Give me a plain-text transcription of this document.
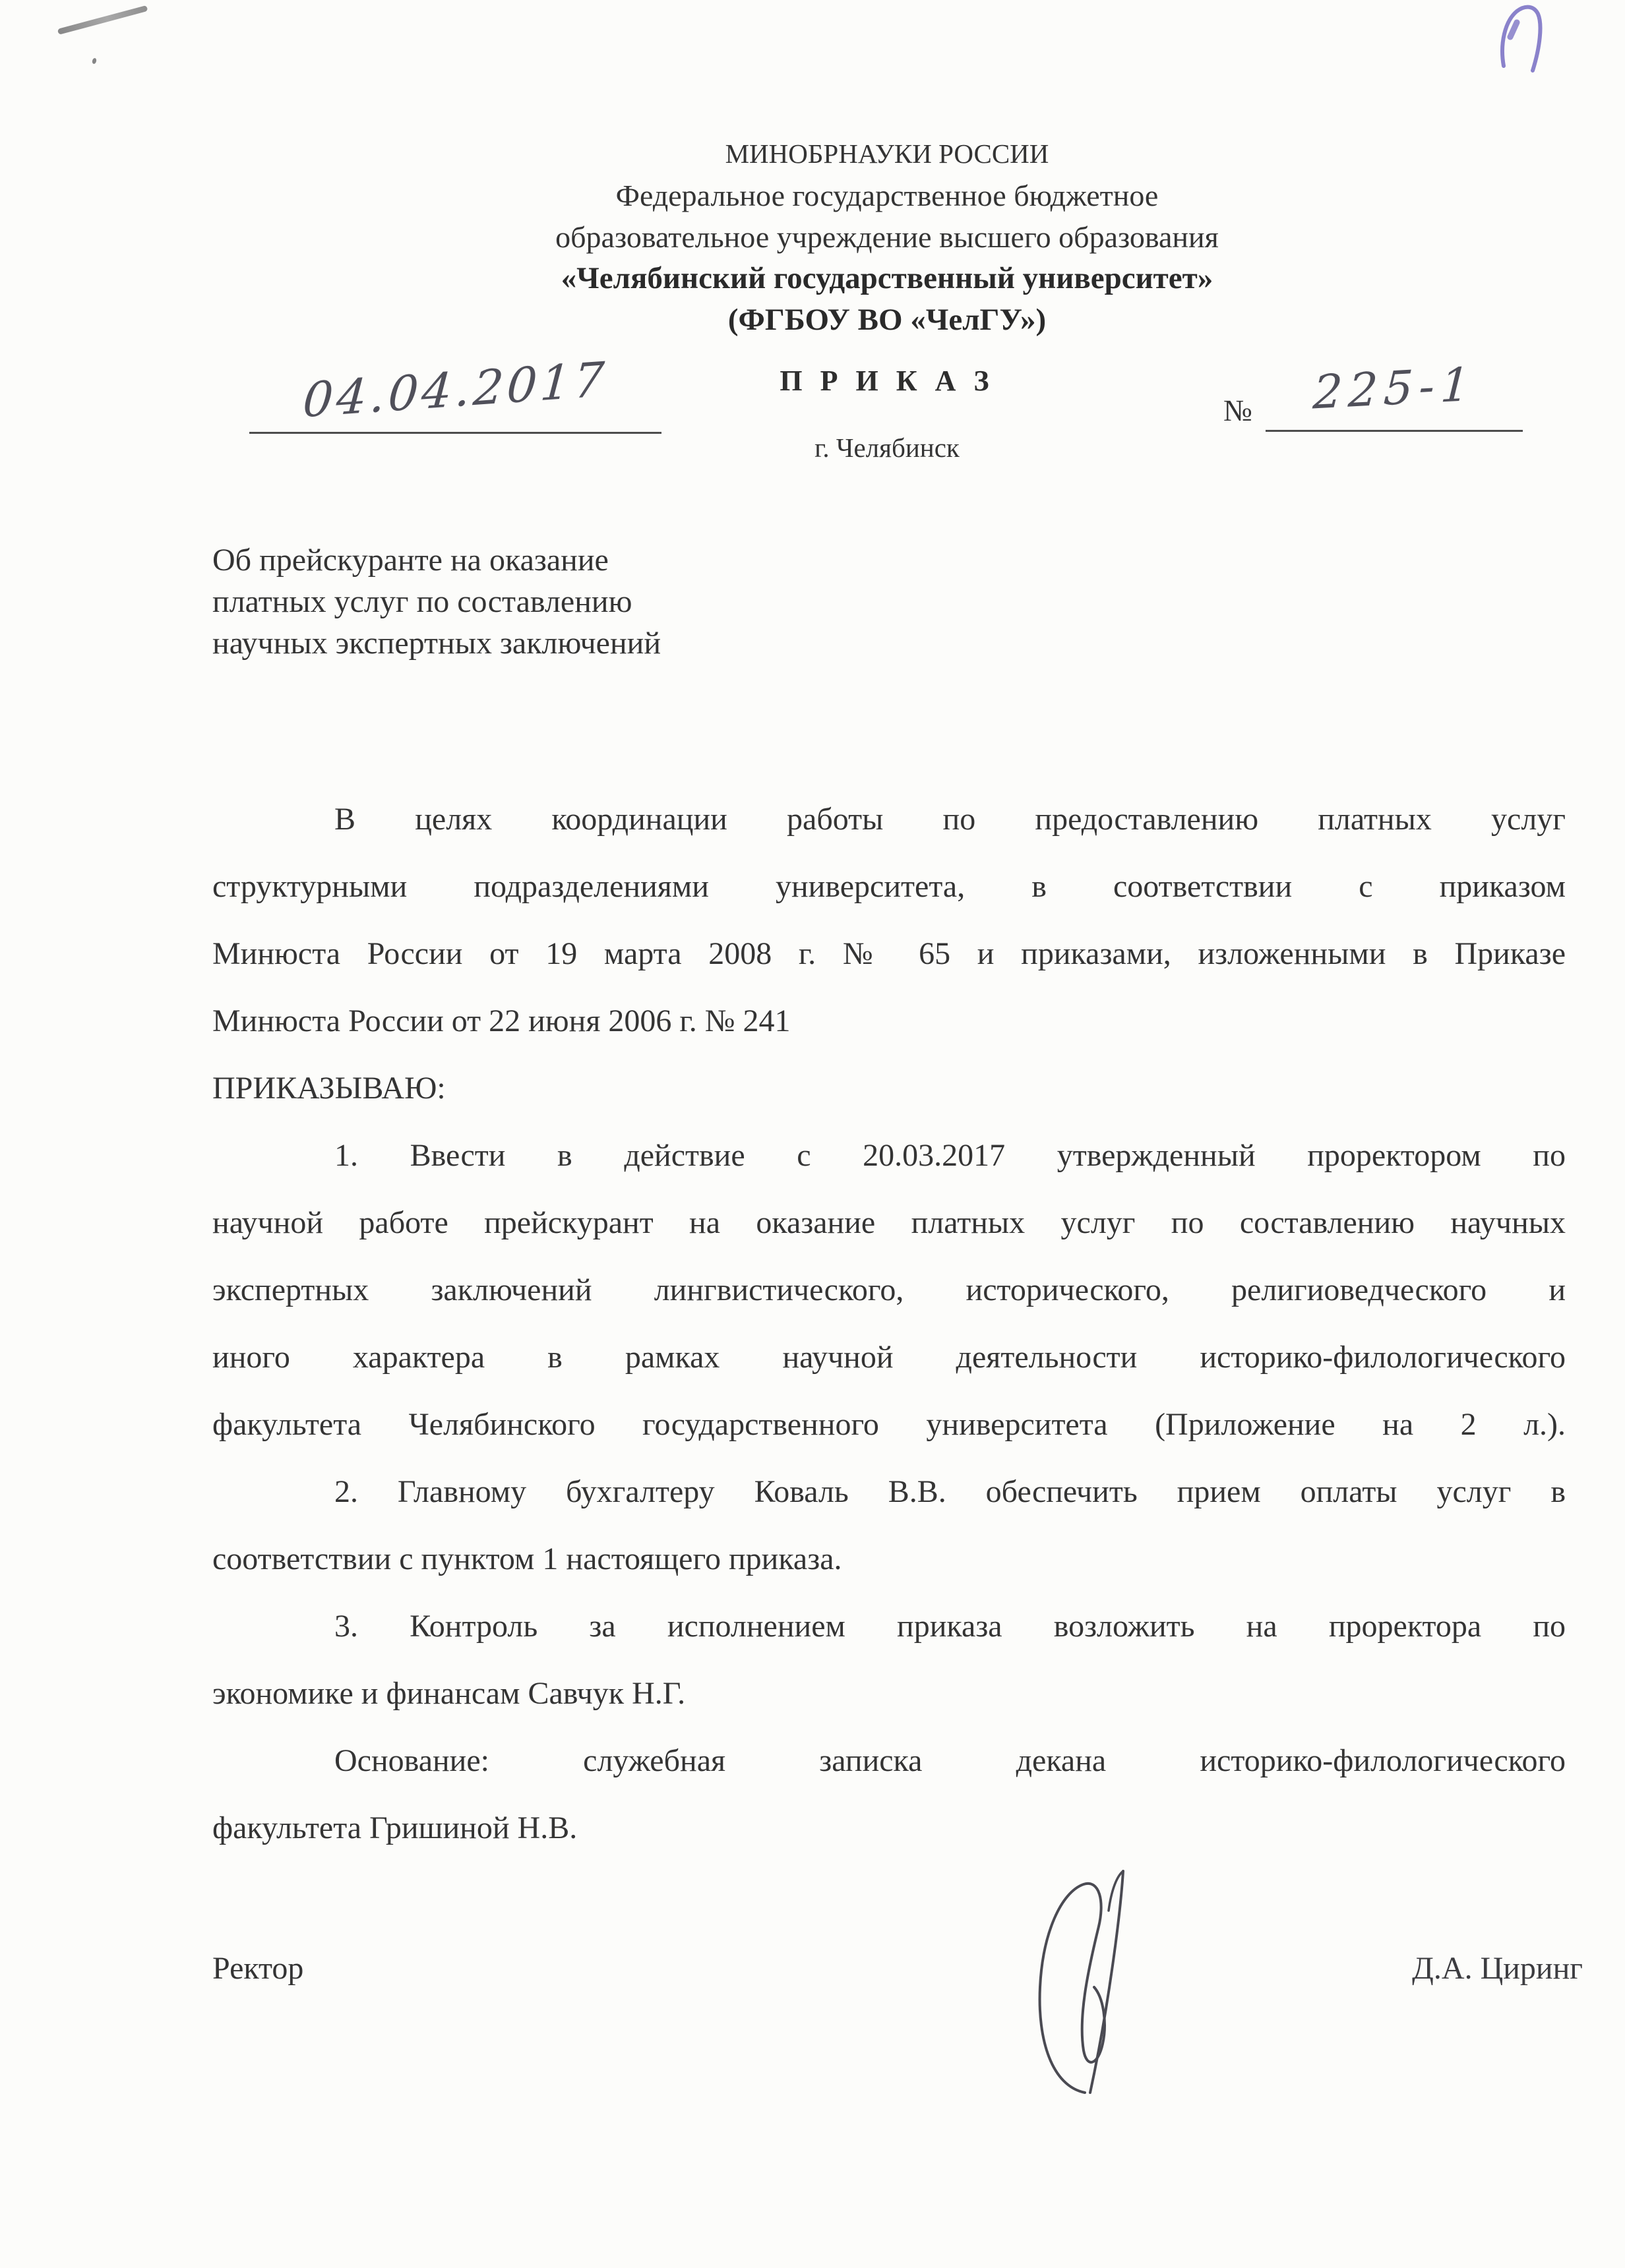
МИНОБРНАУКИ РОССИИ
Федеральное государственное бюджетное
образовательное учреждение высшего образования
«Челябинский государственный университет»
(ФГБОУ ВО «ЧелГУ»)
04.04.2017	П Р И К А З
№	225-1
г. Челябинск
Об прейскуранте на оказание
платных услуг по составлению
научных экспертных заключений
В целях координации работы по предоставлению платных услуг
структурными подразделениями университета, в соответствии с приказом
Минюста России от 19 марта 2008 г. № 65 и приказами, изложенными в Приказе
Минюста России от 22 июня 2006 г. № 241
ПРИКАЗЫВАЮ:
1. Ввести в действие с 20.03.2017 утвержденный проректором по
научной работе прейскурант на оказание платных услуг по составлению научных
экспертных заключений лингвистического, исторического, религиоведческого и
иного характера в рамках научной деятельности историко-филологического
факультета Челябинского государственного университета (Приложение на 2 л.).
2. Главному бухгалтеру Коваль В.В. обеспечить прием оплаты услуг в
соответствии с пунктом 1 настоящего приказа.
3. Контроль за исполнением приказа возложить на проректора по
экономике и финансам Савчук Н.Г.
Основание: служебная записка декана историко-филологического
факультета Гришиной Н.В.
Ректор	Д.А. Циринг
